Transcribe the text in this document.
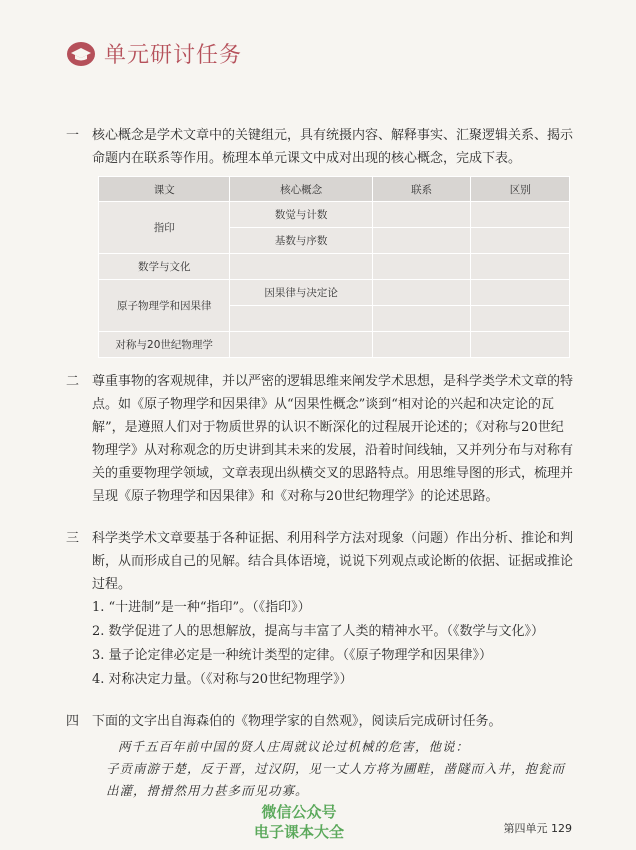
单元研讨任务
一 核心概念是学术文章中的关键组元，具有统摄内容、解释事实、汇聚逻辑关系、揭示命题内在联系等作用。梳理本单元课文中成对出现的核心概念，完成下表。
课文	核心概念	联系	区别
指印	数觉与计数		
	基数与序数		
数学与文化			
原子物理学和因果律	因果律与决定论		

对称与20世纪物理学			
二 尊重事物的客观规律，并以严密的逻辑思维来阐发学术思想，是科学类学术文章的特点。如《原子物理学和因果律》从“因果性概念”谈到“相对论的兴起和决定论的瓦解”，是遵照人们对于物质世界的认识不断深化的过程展开论述的；《对称与20世纪物理学》从对称观念的历史讲到其未来的发展，沿着时间线轴，又并列分布与对称有关的重要物理学领域，文章表现出纵横交叉的思路特点。用思维导图的形式，梳理并呈现《原子物理学和因果律》和《对称与20世纪物理学》的论述思路。
三 科学类学术文章要基于各种证据、利用科学方法对现象（问题）作出分析、推论和判断，从而形成自己的见解。结合具体语境，说说下列观点或论断的依据、证据或推论过程。
1. “十进制”是一种“指印”。（《指印》）
2. 数学促进了人的思想解放，提高与丰富了人类的精神水平。（《数学与文化》）
3. 量子论定律必定是一种统计类型的定律。（《原子物理学和因果律》）
4. 对称决定力量。（《对称与20世纪物理学》）
四 下面的文字出自海森伯的《物理学家的自然观》，阅读后完成研讨任务。
两千五百年前中国的贤人庄周就议论过机械的危害，他说：
子贡南游于楚，反于晋，过汉阴，见一丈人方将为圃畦，凿隧而入井，抱瓮而出灌，搰搰然用力甚多而见功寡。
微信公众号
电子课本大全	第四单元 129
